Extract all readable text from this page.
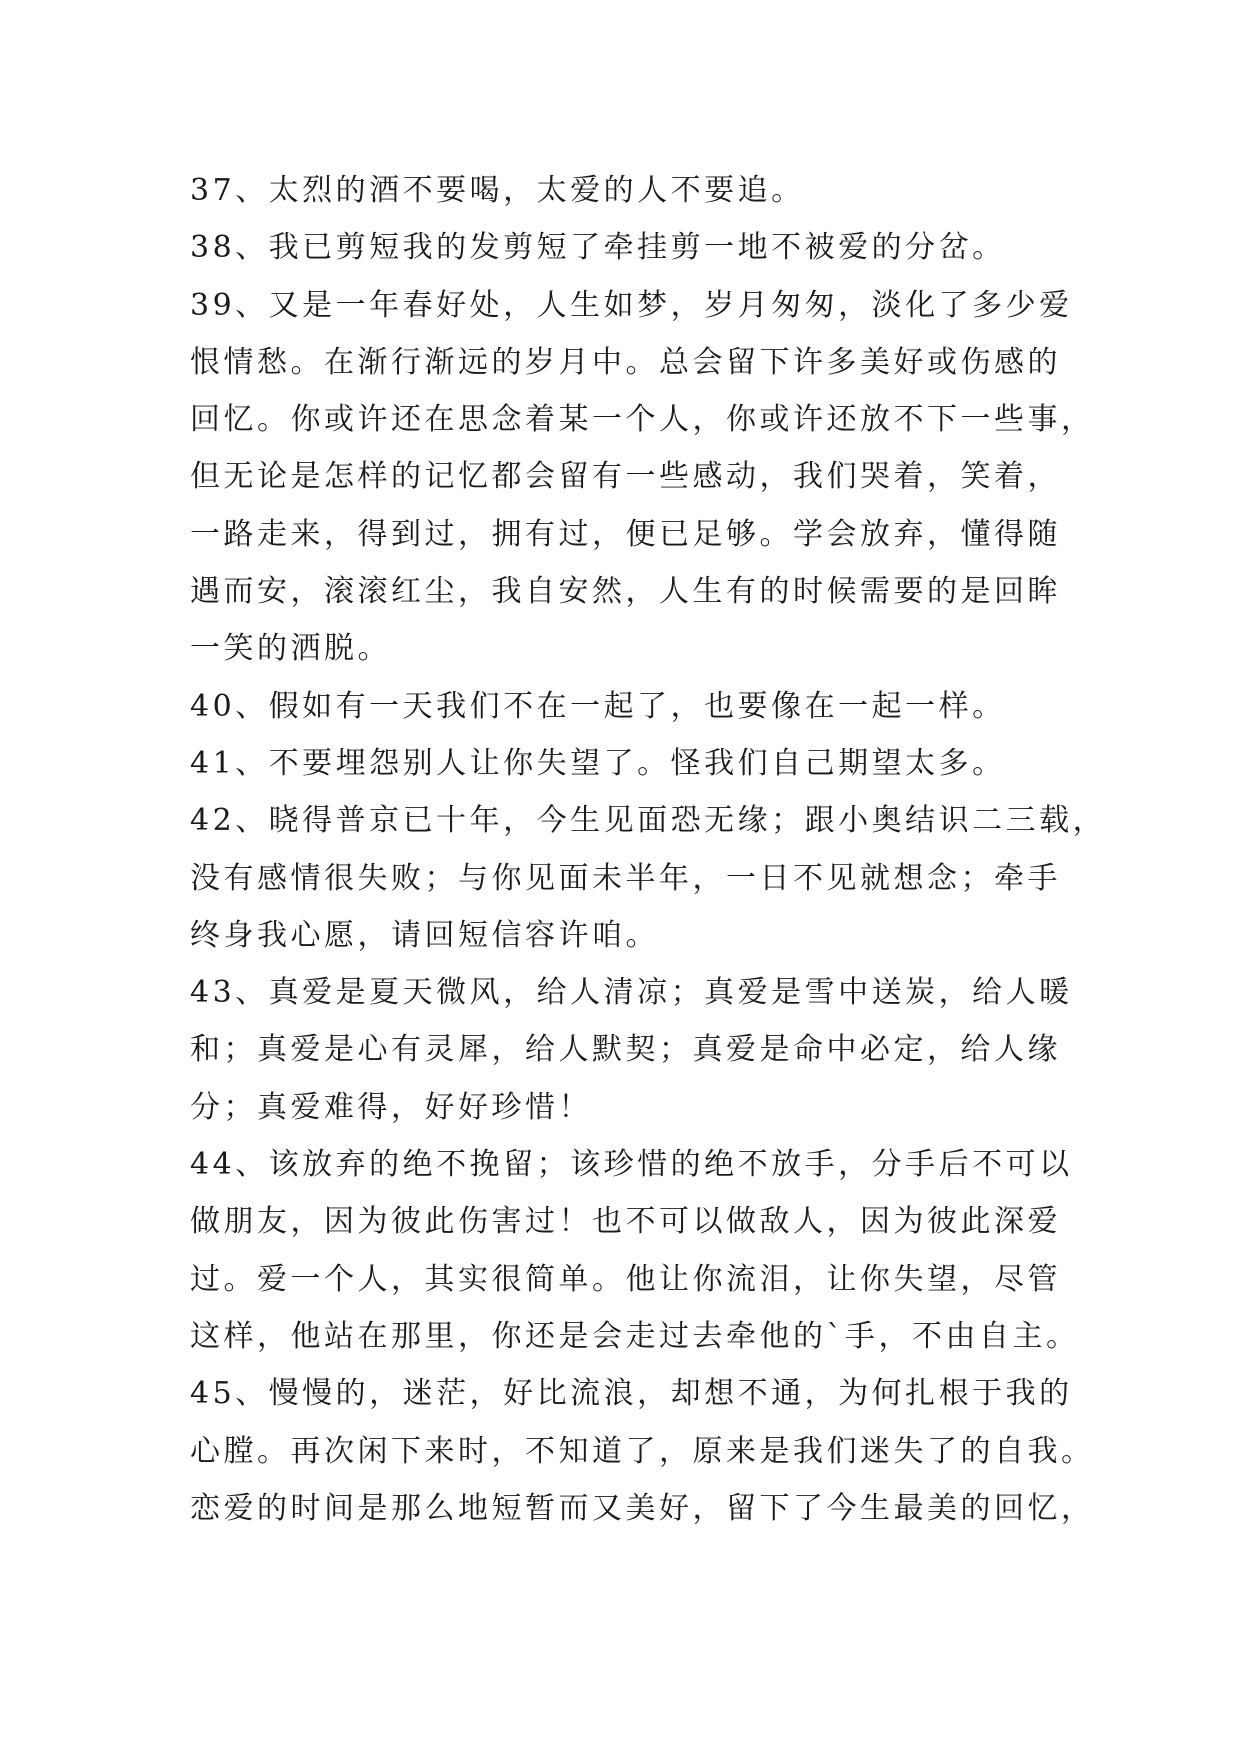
37、太烈的酒不要喝，太爱的人不要追。
38、我已剪短我的发剪短了牵挂剪一地不被爱的分岔。
39、又是一年春好处，人生如梦，岁月匆匆，淡化了多少爱
恨情愁。在渐行渐远的岁月中。总会留下许多美好或伤感的
回忆。你或许还在思念着某一个人，你或许还放不下一些事，
但无论是怎样的记忆都会留有一些感动，我们哭着，笑着，
一路走来，得到过，拥有过，便已足够。学会放弃，懂得随
遇而安，滚滚红尘，我自安然，人生有的时候需要的是回眸
一笑的洒脱。
40、假如有一天我们不在一起了，也要像在一起一样。
41、不要埋怨别人让你失望了。怪我们自己期望太多。
42、晓得普京已十年，今生见面恐无缘；跟小奥结识二三载，
没有感情很失败；与你见面未半年，一日不见就想念；牵手
终身我心愿，请回短信容许咱。
43、真爱是夏天微风，给人清凉；真爱是雪中送炭，给人暖
和；真爱是心有灵犀，给人默契；真爱是命中必定，给人缘
分；真爱难得，好好珍惜！
44、该放弃的绝不挽留；该珍惜的绝不放手，分手后不可以
做朋友，因为彼此伤害过！也不可以做敌人，因为彼此深爱
过。爱一个人，其实很简单。他让你流泪，让你失望，尽管
这样，他站在那里，你还是会走过去牵他的`手，不由自主。
45、慢慢的，迷茫，好比流浪，却想不通，为何扎根于我的
心膛。再次闲下来时，不知道了，原来是我们迷失了的自我。
恋爱的时间是那么地短暂而又美好，留下了今生最美的回忆，
